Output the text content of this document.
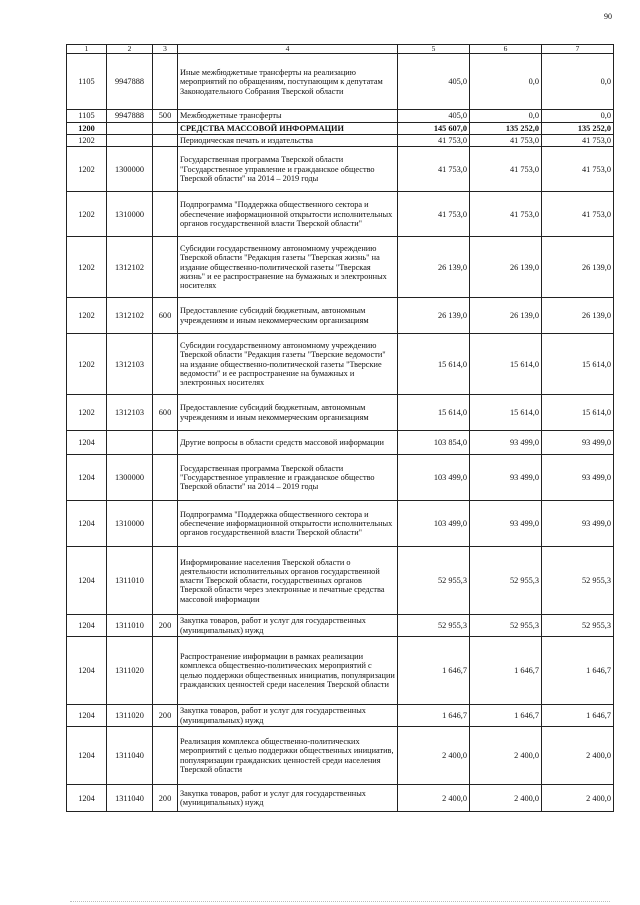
90
1	2	3	4	5	6	7
1105	9947888		Иные межбюджетные трансферты на реализацию мероприятий по обращениям, поступающим к депутатам Законодательного Собрания Тверской области	405,0	0,0	0,0
1105	9947888	500	Межбюджетные трансферты	405,0	0,0	0,0
1200			СРЕДСТВА МАССОВОЙ ИНФОРМАЦИИ	145 607,0	135 252,0	135 252,0
1202			Периодическая печать и издательства	41 753,0	41 753,0	41 753,0
1202	1300000		Государственная программа Тверской области "Государственное управление и гражданское общество Тверской области" на 2014 – 2019 годы	41 753,0	41 753,0	41 753,0
1202	1310000		Подпрограмма "Поддержка общественного сектора и обеспечение информационной открытости исполнительных органов государственной власти Тверской области"	41 753,0	41 753,0	41 753,0
1202	1312102		Субсидии государственному автономному учреждению Тверской области "Редакция газеты "Тверская жизнь" на издание общественно-политической газеты "Тверская жизнь" и ее распространение на бумажных и электронных носителях	26 139,0	26 139,0	26 139,0
1202	1312102	600	Предоставление субсидий бюджетным, автономным учреждениям и иным некоммерческим организациям	26 139,0	26 139,0	26 139,0
1202	1312103		Субсидии государственному автономному учреждению Тверской области "Редакция газеты "Тверские ведомости" на издание общественно-политической газеты "Тверские ведомости" и ее распространение на бумажных и электронных носителях	15 614,0	15 614,0	15 614,0
1202	1312103	600	Предоставление субсидий бюджетным, автономным учреждениям и иным некоммерческим организациям	15 614,0	15 614,0	15 614,0
1204			Другие вопросы в области средств массовой информации	103 854,0	93 499,0	93 499,0
1204	1300000		Государственная программа Тверской области "Государственное управление и гражданское общество Тверской области" на 2014 – 2019 годы	103 499,0	93 499,0	93 499,0
1204	1310000		Подпрограмма "Поддержка общественного сектора и обеспечение информационной открытости исполнительных органов государственной власти Тверской области"	103 499,0	93 499,0	93 499,0
1204	1311010		Информирование населения Тверской области о деятельности исполнительных органов государственной власти Тверской области, государственных органов Тверской области через электронные и печатные средства массовой информации	52 955,3	52 955,3	52 955,3
1204	1311010	200	Закупка товаров, работ и услуг для государственных (муниципальных) нужд	52 955,3	52 955,3	52 955,3
1204	1311020		Распространение информации в рамках реализации комплекса общественно-политических мероприятий с целью поддержки общественных инициатив, популяризации гражданских ценностей среди населения Тверской области	1 646,7	1 646,7	1 646,7
1204	1311020	200	Закупка товаров, работ и услуг для государственных (муниципальных) нужд	1 646,7	1 646,7	1 646,7
1204	1311040		Реализация комплекса общественно-политических мероприятий с целью поддержки общественных инициатив, популяризации гражданских ценностей среди населения Тверской области	2 400,0	2 400,0	2 400,0
1204	1311040	200	Закупка товаров, работ и услуг для государственных (муниципальных) нужд	2 400,0	2 400,0	2 400,0
